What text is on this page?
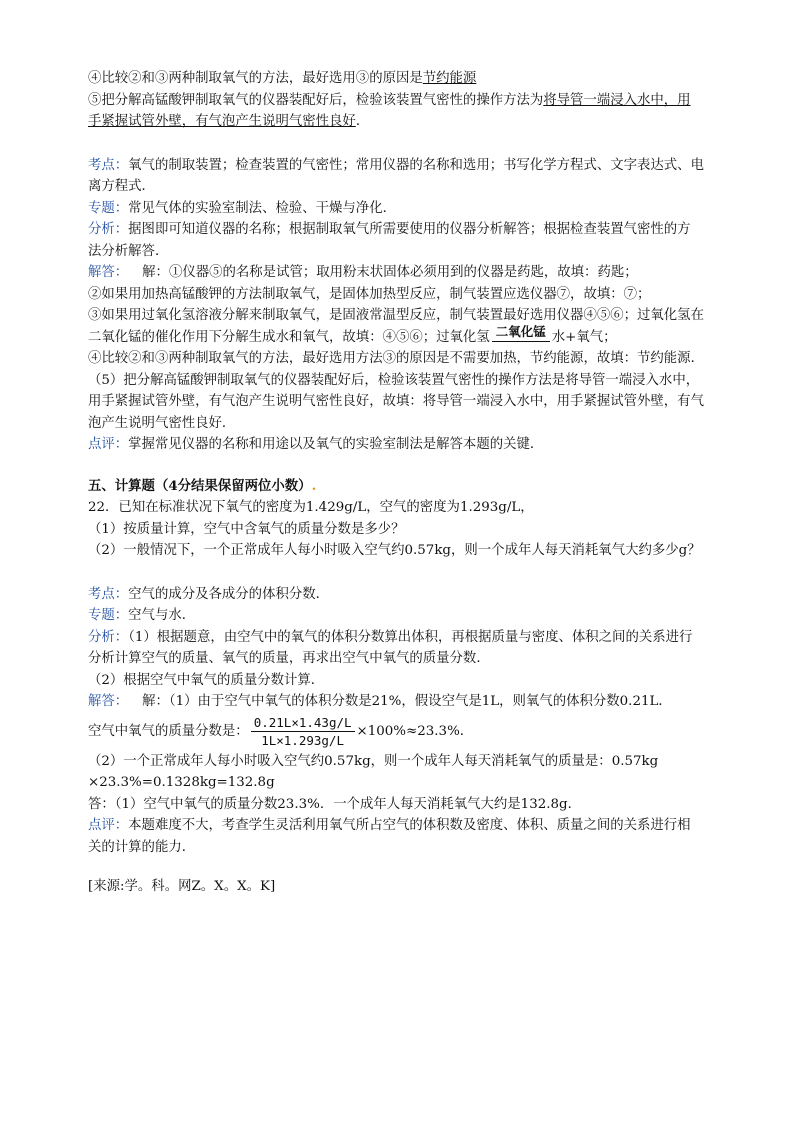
④比较②和③两种制取氧气的方法，最好选用③的原因是节约能源
⑤把分解高锰酸钾制取氧气的仪器装配好后，检验该装置气密性的操作方法为将导管一端浸入水中，用
手紧握试管外壁，有气泡产生说明气密性良好．
考点：氧气的制取装置；检查装置的气密性；常用仪器的名称和选用；书写化学方程式、文字表达式、电
离方程式．
专题：常见气体的实验室制法、检验、干燥与净化．
分析：据图即可知道仪器的名称；根据制取氧气所需要使用的仪器分析解答；根据检查装置气密性的方
法分析解答．
解答： 解：①仪器⑤的名称是试管；取用粉末状固体必须用到的仪器是药匙，故填：药匙；
②如果用加热高锰酸钾的方法制取氧气，是固体加热型反应，制气装置应选仪器⑦，故填：⑦；
③如果用过氧化氢溶液分解来制取氧气，是固液常温型反应，制气装置最好选用仪器④⑤⑥；过氧化氢在
二氧化锰的催化作用下分解生成水和氧气，故填：④⑤⑥；过氧化氢 二氧化锰 水+氧气；
④比较②和③两种制取氧气的方法，最好选用方法③的原因是不需要加热，节约能源，故填：节约能源．
（5）把分解高锰酸钾制取氧气的仪器装配好后，检验该装置气密性的操作方法是将导管一端浸入水中，
用手紧握试管外壁，有气泡产生说明气密性良好，故填：将导管一端浸入水中，用手紧握试管外壁，有气
泡产生说明气密性良好．
点评：掌握常见仪器的名称和用途以及氧气的实验室制法是解答本题的关键．
五、计算题（4分结果保留两位小数）.
22．已知在标准状况下氧气的密度为1.429g/L，空气的密度为1.293g/L，
（1）按质量计算，空气中含氧气的质量分数是多少？
（2）一般情况下，一个正常成年人每小时吸入空气约0.57kg，则一个成年人每天消耗氧气大约多少g？
考点：空气的成分及各成分的体积分数．
专题：空气与水．
分析：（1）根据题意，由空气中的氧气的体积分数算出体积，再根据质量与密度、体积之间的关系进行
分析计算空气的质量、氧气的质量，再求出空气中氧气的质量分数．
（2）根据空气中氧气的质量分数计算．
解答： 解：（1）由于空气中氧气的体积分数是21%，假设空气是1L，则氧气的体积分数0.21L．
空气中氧气的质量分数是： $\frac{0.21L\times 1.43g/L}{1L\times 1.293g/L} \times 100\%\approx 23.3\%$．
（2）一个正常成年人每小时吸入空气约0.57kg，则一个成年人每天消耗氧气的质量是：0.57kg
×23.3%=0.1328kg=132.8g
答：（1）空气中氧气的质量分数23.3%．一个成年人每天消耗氧气大约是132.8g．
点评：本题难度不大，考查学生灵活利用氧气所占空气的体积数及密度、体积、质量之间的关系进行相
关的计算的能力．
[来源:学。科。网Z。X。X。K]
